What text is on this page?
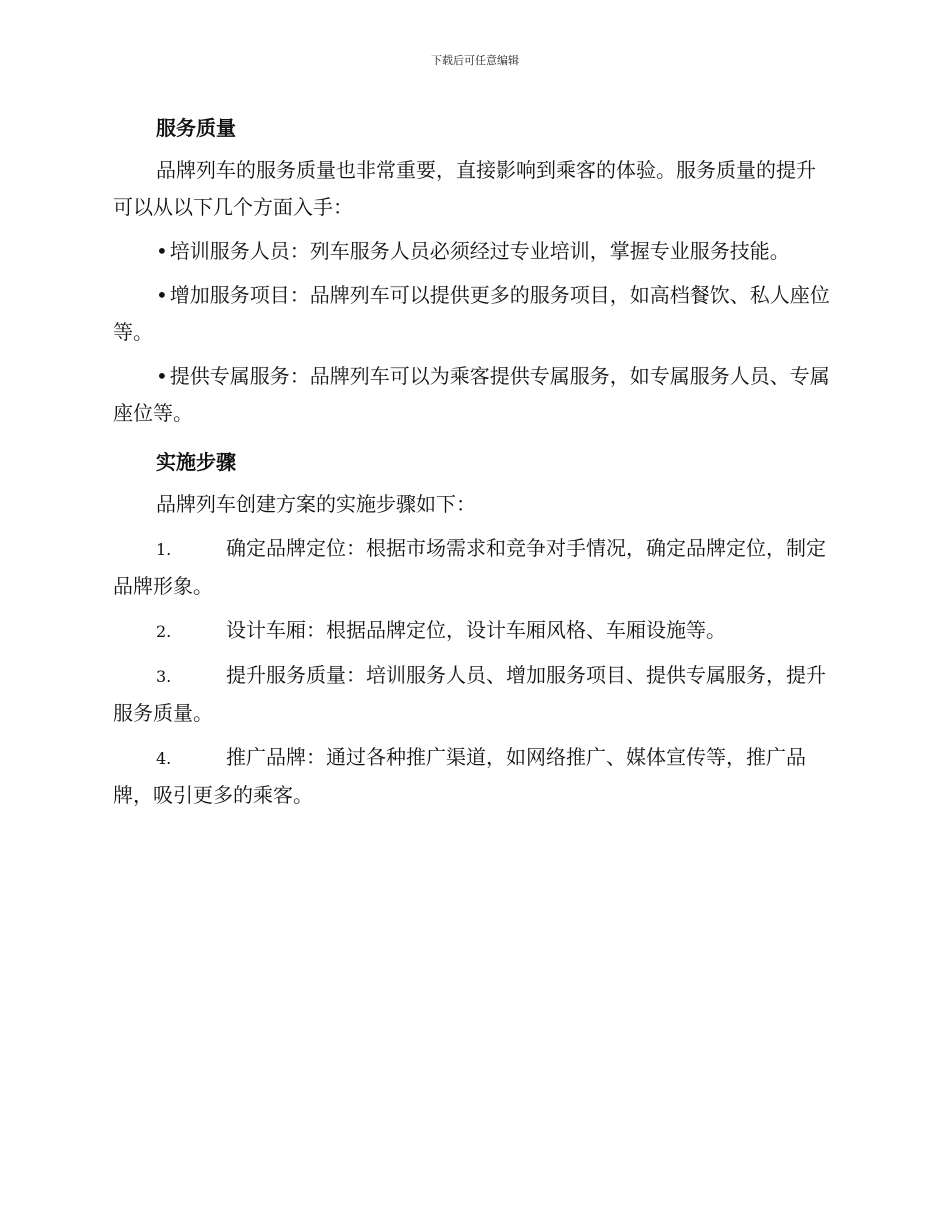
下载后可任意编辑
服务质量

品牌列车的服务质量也非常重要，直接影响到乘客的体验。服务质量的提升可以从以下几个方面入手：

• 培训服务人员：列车服务人员必须经过专业培训，掌握专业服务技能。

• 增加服务项目：品牌列车可以提供更多的服务项目，如高档餐饮、私人座位等。

• 提供专属服务：品牌列车可以为乘客提供专属服务，如专属服务人员、专属座位等。

实施步骤

品牌列车创建方案的实施步骤如下：

1.	确定品牌定位：根据市场需求和竞争对手情况，确定品牌定位，制定品牌形象。

2.	设计车厢：根据品牌定位，设计车厢风格、车厢设施等。

3.	提升服务质量：培训服务人员、增加服务项目、提供专属服务，提升服务质量。

4.	推广品牌：通过各种推广渠道，如网络推广、媒体宣传等，推广品牌，吸引更多的乘客。
